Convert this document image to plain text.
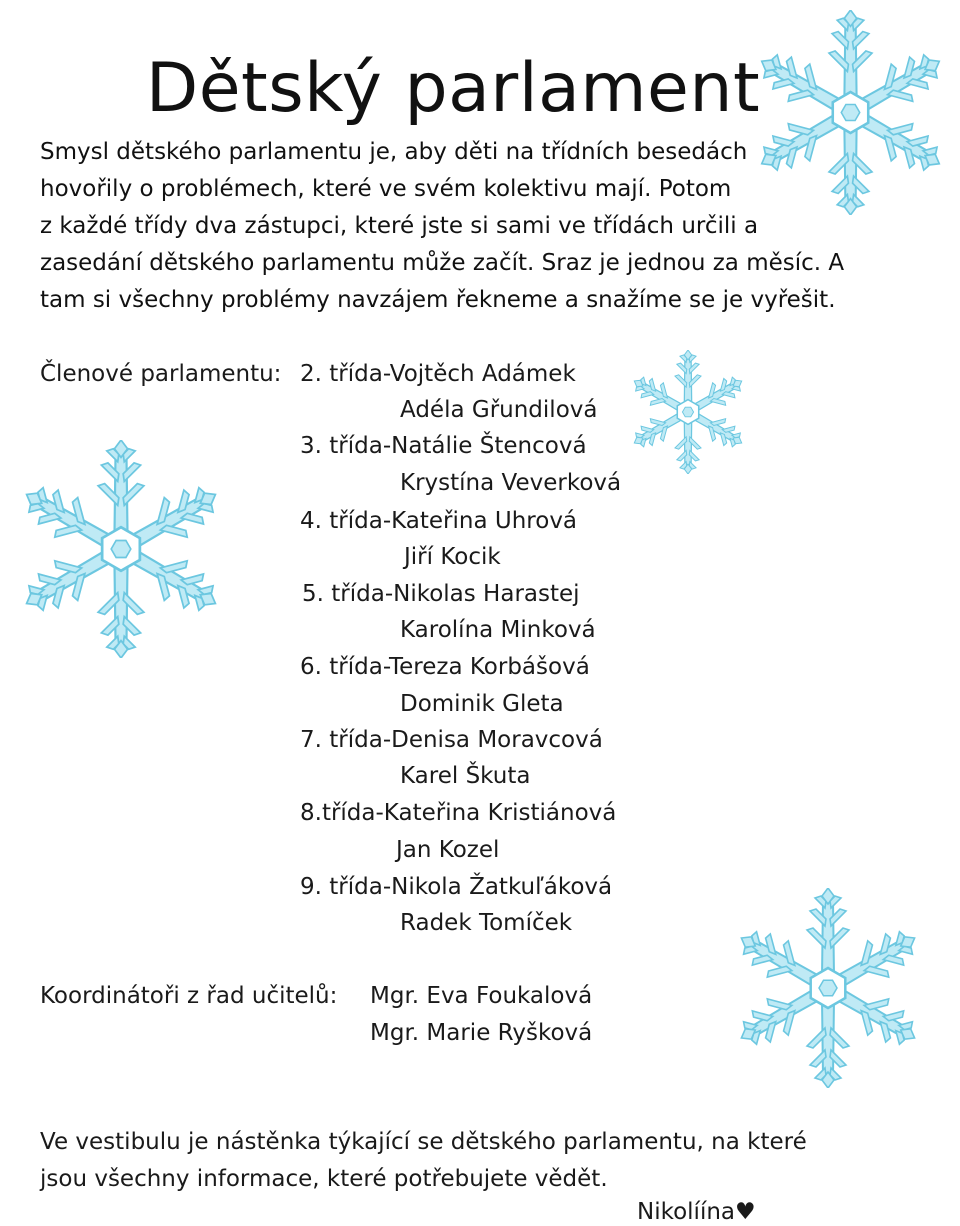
Dětský parlament

Smysl dětského parlamentu je, aby děti na třídních besedách
hovořily o problémech, které ve svém kolektivu mají. Potom
z každé třídy dva zástupci, které jste si sami ve třídách určili a
zasedání dětského parlamentu může začít. Sraz je jednou za měsíc. A
tam si všechny problémy navzájem řekneme a snažíme se je vyřešit.

Členové parlamentu: 2. třída-Vojtěch Adámek
Adéla Gřundilová
3. třída-Natálie Štencová
Krystína Veverková
4. třída-Kateřina Uhrová
Jiří Kocik
5. třída-Nikolas Harastej
Karolína Minková
6. třída-Tereza Korbášová
Dominik Gleta
7. třída-Denisa Moravcová
Karel Škuta
8.třída-Kateřina Kristiánová
Jan Kozel
9. třída-Nikola Žatkuľáková
Radek Tomíček
Koordinátoři z řad učitelů: Mgr. Eva Foukalová
Mgr. Marie Ryšková

Ve vestibulu je nástěnka týkající se dětského parlamentu, na které
jsou všechny informace, které potřebujete vědět.

Nikolíína♥
